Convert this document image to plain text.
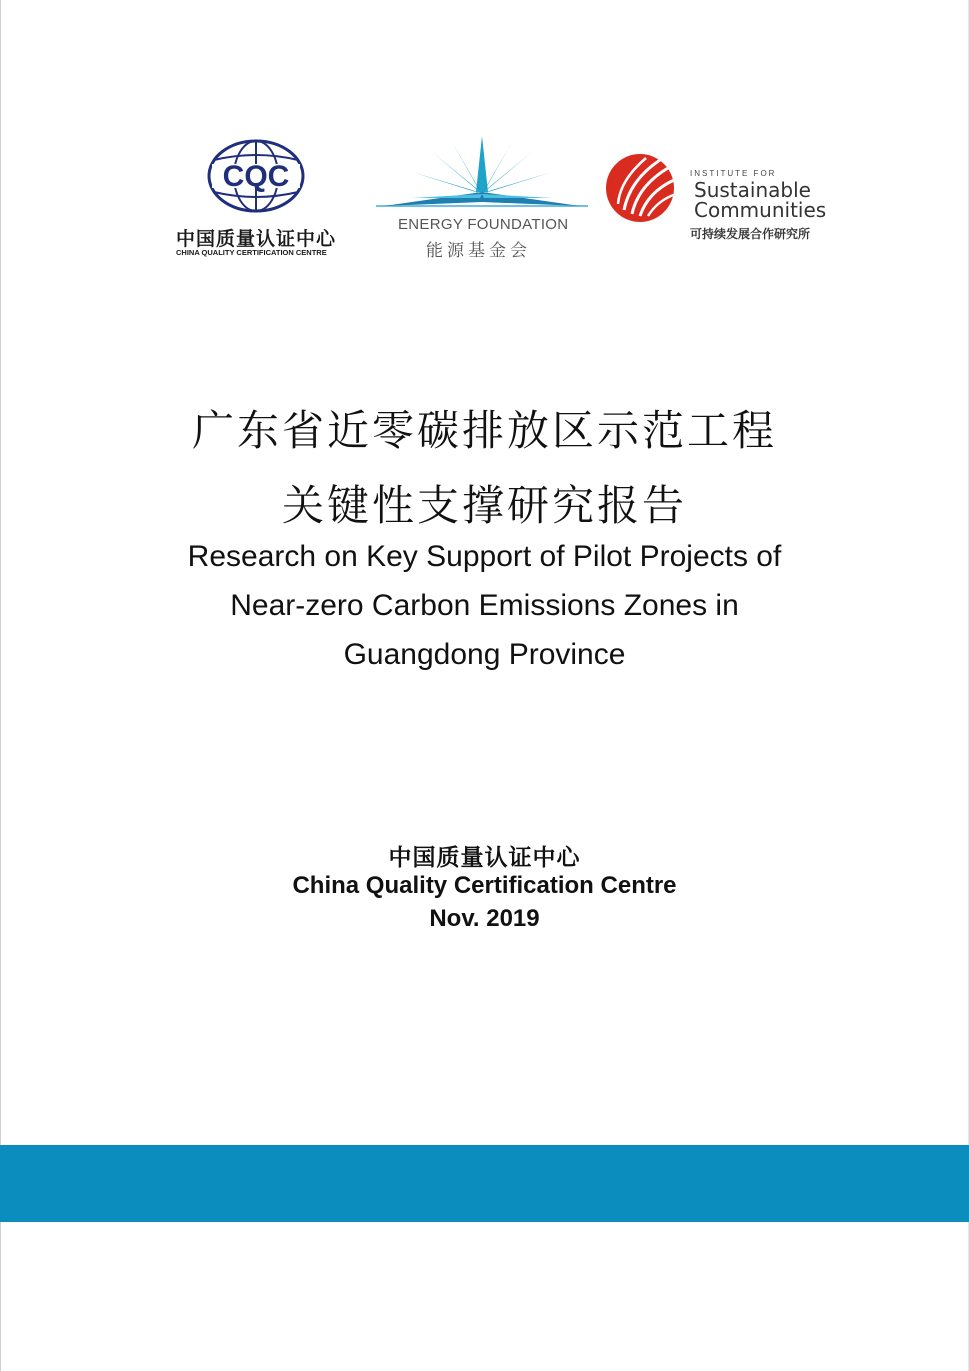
CQC
中国质量认证中心
CHINA QUALITY CERTIFICATION CENTRE
ENERGY FOUNDATION
能源基金会
INSTITUTE FOR
Sustainable
Communities
可持续发展合作研究所
广东省近零碳排放区示范工程
关键性支撑研究报告
Research on Key Support of Pilot Projects of
Near-zero Carbon Emissions Zones in
Guangdong Province
中国质量认证中心
China Quality Certification Centre
Nov. 2019
